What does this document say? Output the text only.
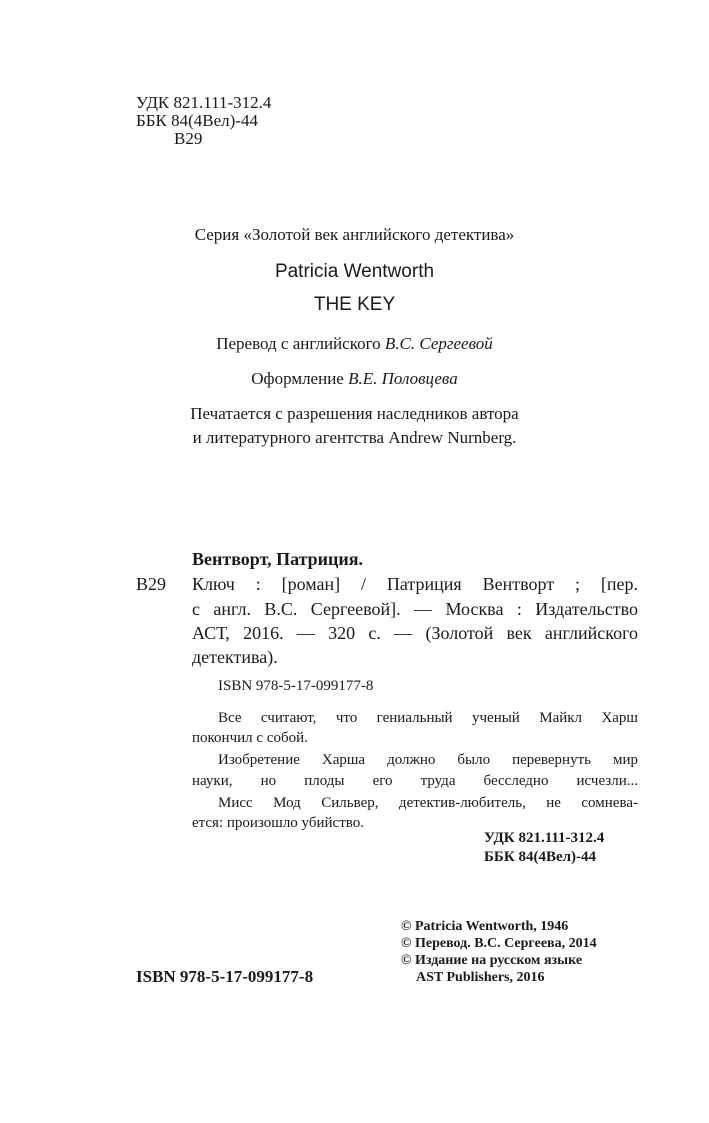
УДК 821.111-312.4
ББК 84(4Вел)-44
В29
Серия «Золотой век английского детектива»
Patricia Wentworth
THE KEY
Перевод с английского В.С. Сергеевой
Оформление В.Е. Половцева
Печатается с разрешения наследников автора
и литературного агентства Andrew Nurnberg.
Вентворт, Патриция.
В29 Ключ : [роман] / Патриция Вентворт ; [пер.
с англ. В.С. Сергеевой]. — Москва : Издательство
АСТ, 2016. — 320 с. — (Золотой век английского
детектива).
ISBN 978-5-17-099177-8
Все считают, что гениальный ученый Майкл Харш
покончил с собой.
Изобретение Харша должно было перевернуть мир
науки, но плоды его труда бесследно исчезли...
Мисс Мод Сильвер, детектив-любитель, не сомнева-
ется: произошло убийство.
УДК 821.111-312.4
ББК 84(4Вел)-44
© Patricia Wentworth, 1946
© Перевод. В.С. Сергеева, 2014
© Издание на русском языке
AST Publishers, 2016
ISBN 978-5-17-099177-8
